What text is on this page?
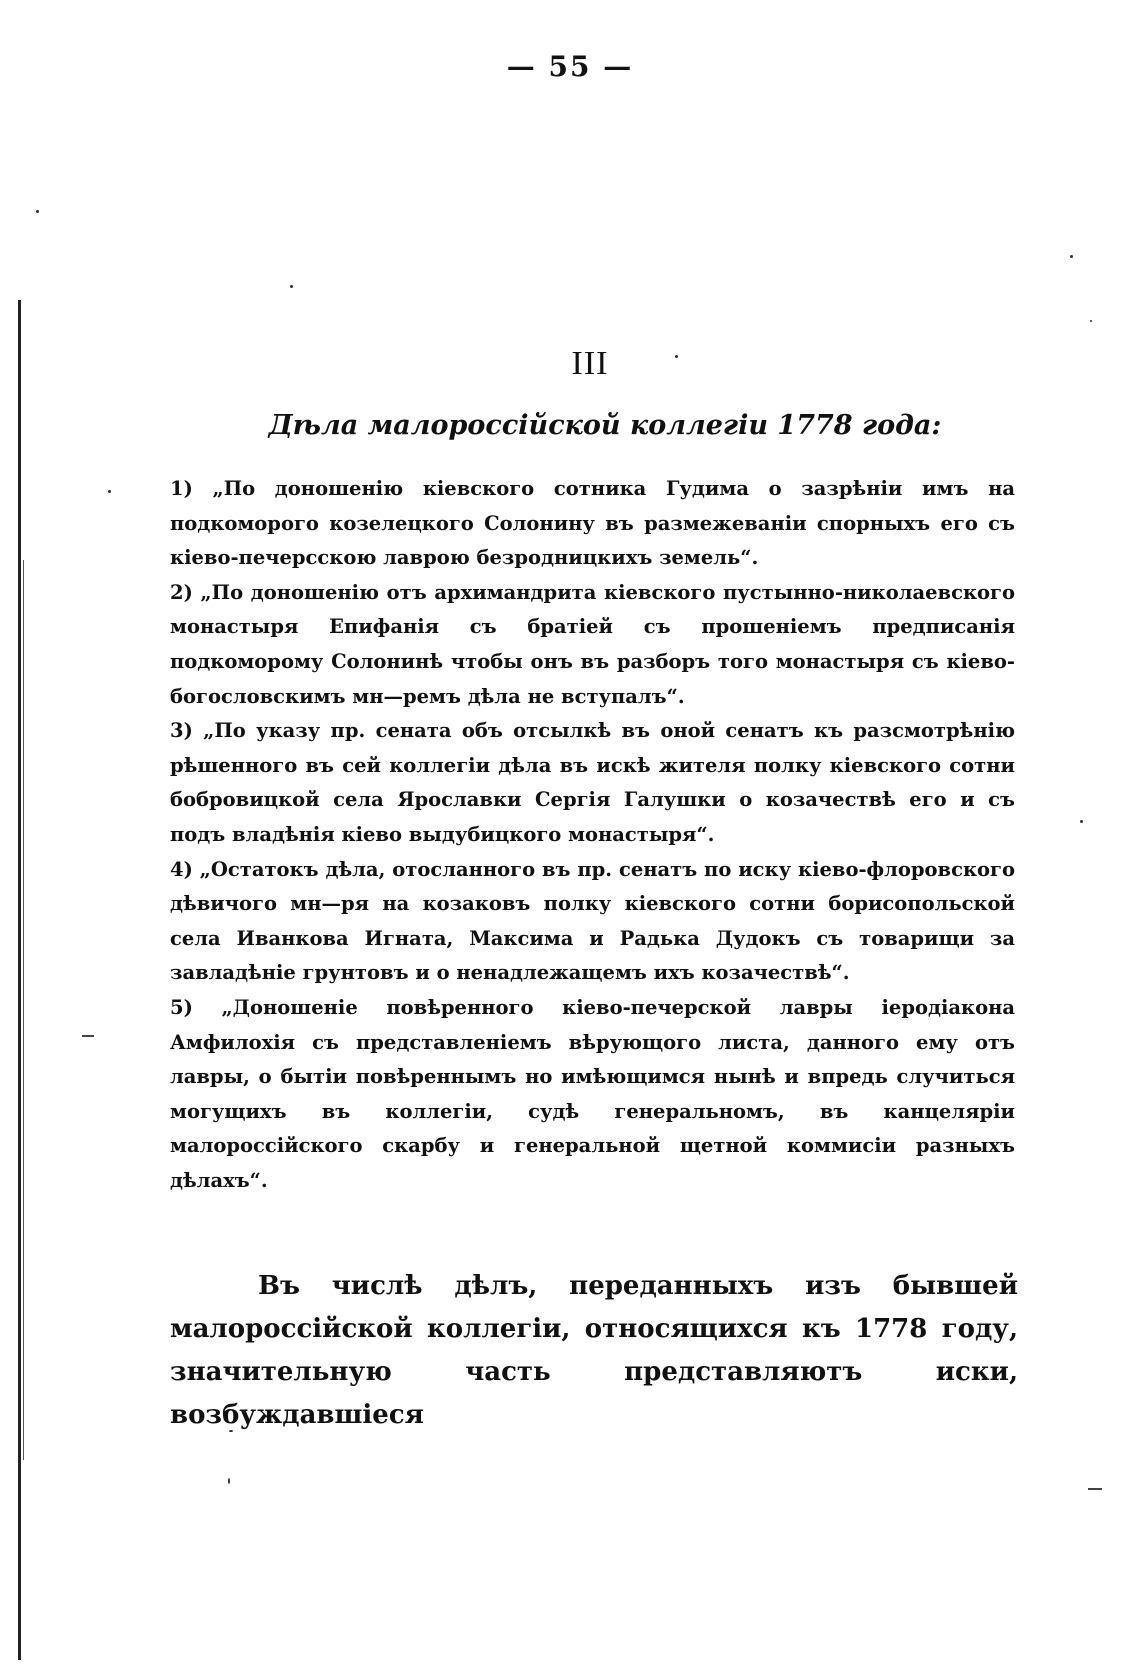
— 55 —
III
Дѣла малороссійской коллегіи 1778 года:

1) „По доношенію кіевского сотника Гудима о зазрѣніи имъ на подкоморого козелецкого Солонину въ размежеваніи спорныхъ его съ кіево-печерсскою лаврою безродницкихъ земель“.

2) „По доношенію отъ архимандрита кіевского пустынно-николаевского монастыря Епифанія съ братіей съ прошеніемъ предписанія подкоморому Солонинѣ чтобы онъ въ разборъ того монастыря съ кіево-богословскимъ мн—ремъ дѣла не вступалъ“.

3) „По указу пр. сената объ отсылкѣ въ оной сенатъ къ разсмотрѣнію рѣшенного въ сей коллегіи дѣла въ искѣ жителя полку кіевского сотни бобровицкой села Ярославки Сергія Галушки о козачествѣ его и съ подъ владѣнія кіево выдубицкого монастыря“.

4) „Остатокъ дѣла, отосланного въ пр. сенатъ по иску кіево-флоровского дѣвичого мн—ря на козаковъ полку кіевского сотни борисопольской села Иванкова Игната, Максима и Радька Дудокъ съ товарищи за завладѣніе грунтовъ и о ненадлежащемъ ихъ козачествѣ“.

5) „Доношеніе повѣренного кіево-печерской лавры іеродіакона Амфилохія съ представленіемъ вѣрующого листа, данного ему отъ лавры, о бытіи повѣреннымъ но имѣющимся нынѣ и впредь случиться могущихъ въ коллегіи, судѣ генеральномъ, въ канцеляріи малороссійского скарбу и генеральной щетной коммисіи разныхъ дѣлахъ“.

Въ числѣ дѣлъ, переданныхъ изъ бывшей малороссійской коллегіи, относящихся къ 1778 году, значительную часть представляютъ иски, возбуждавшіеся
